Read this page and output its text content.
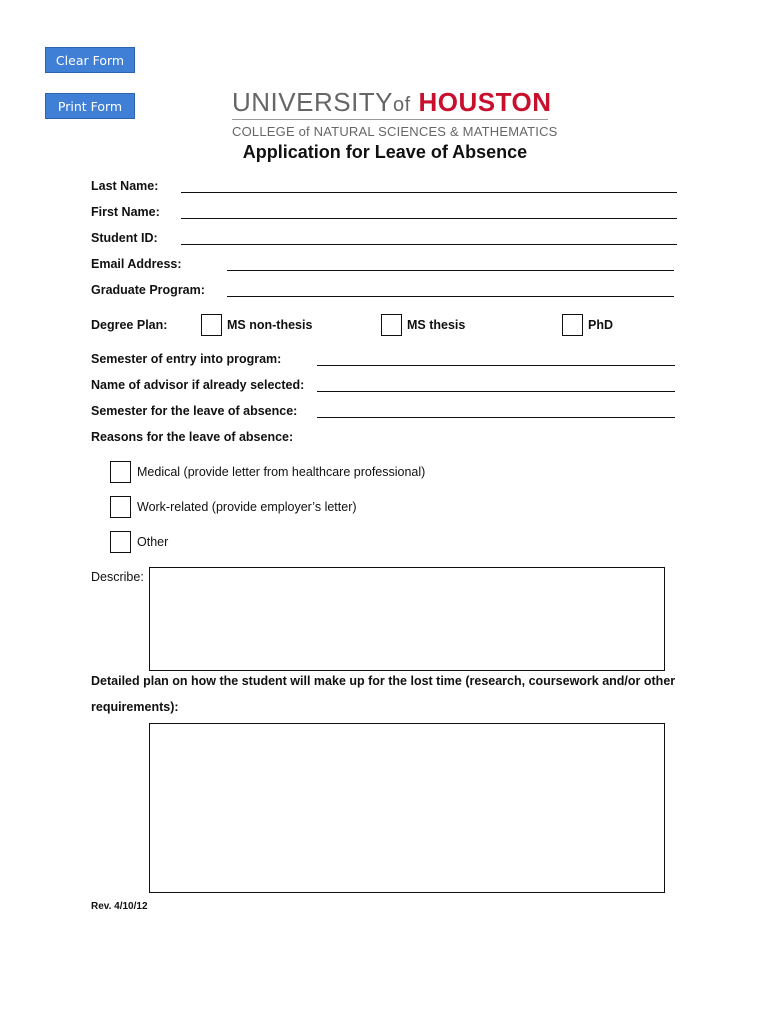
Clear Form
Print Form	UNIVERSITYof HOUSTON
COLLEGE of NATURAL SCIENCES & MATHEMATICS
Application for Leave of Absence
Last Name:
First Name:
Student ID:
Email Address:
Graduate Program:
Degree Plan:	MS non-thesis	MS thesis	PhD
Semester of entry into program:
Name of advisor if already selected:
Semester for the leave of absence:
Reasons for the leave of absence:
Medical (provide letter from healthcare professional)
Work-related (provide employer’s letter)
Other
Describe:
Detailed plan on how the student will make up for the lost time (research, coursework and/or other
requirements):
Rev. 4/10/12
